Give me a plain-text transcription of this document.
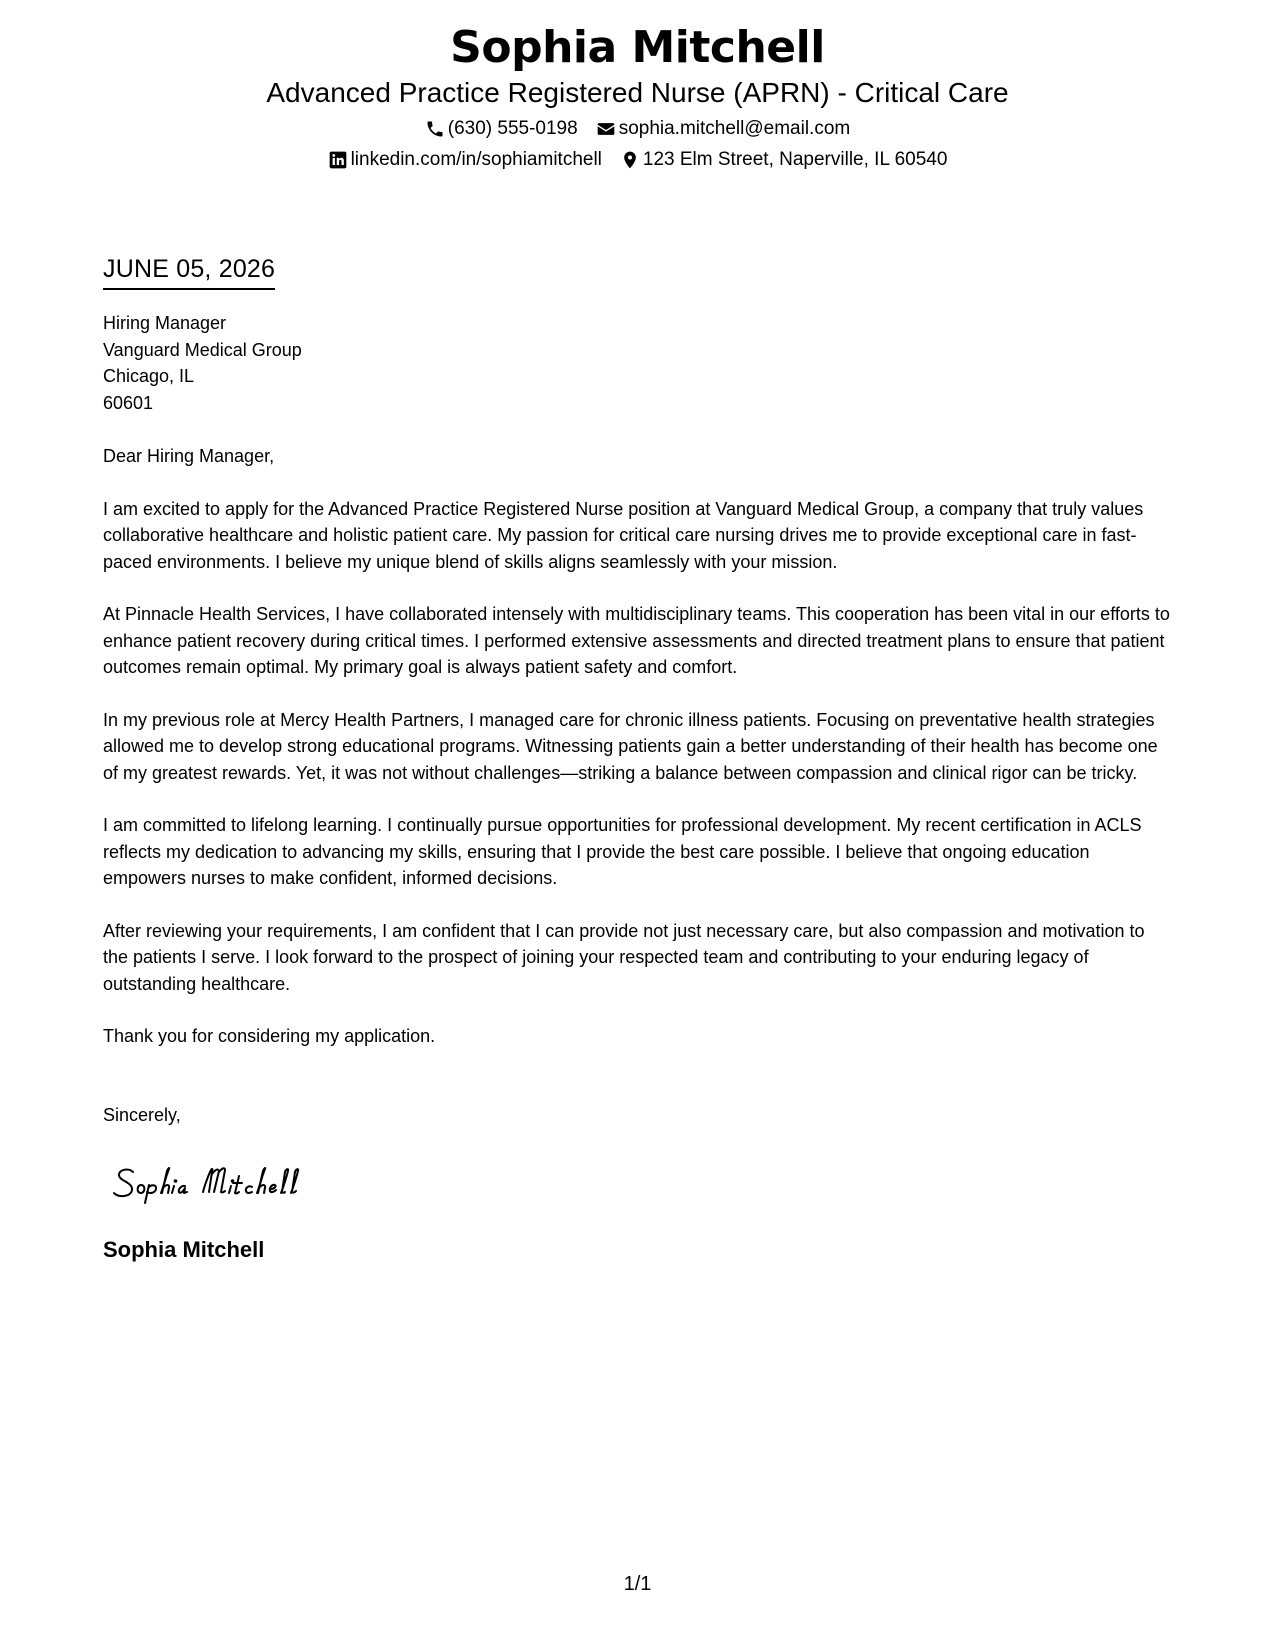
Sophia Mitchell
Advanced Practice Registered Nurse (APRN) - Critical Care
(630) 555-0198 sophia.mitchell@email.com
linkedin.com/in/sophiamitchell 123 Elm Street, Naperville, IL 60540
JUNE 05, 2026
Hiring Manager
Vanguard Medical Group
Chicago, IL
60601
Dear Hiring Manager,

I am excited to apply for the Advanced Practice Registered Nurse position at Vanguard Medical Group, a company that truly values collaborative healthcare and holistic patient care. My passion for critical care nursing drives me to provide exceptional care in fast-paced environments. I believe my unique blend of skills aligns seamlessly with your mission.

At Pinnacle Health Services, I have collaborated intensely with multidisciplinary teams. This cooperation has been vital in our efforts to enhance patient recovery during critical times. I performed extensive assessments and directed treatment plans to ensure that patient outcomes remain optimal. My primary goal is always patient safety and comfort.

In my previous role at Mercy Health Partners, I managed care for chronic illness patients. Focusing on preventative health strategies allowed me to develop strong educational programs. Witnessing patients gain a better understanding of their health has become one of my greatest rewards. Yet, it was not without challenges—striking a balance between compassion and clinical rigor can be tricky.

I am committed to lifelong learning. I continually pursue opportunities for professional development. My recent certification in ACLS reflects my dedication to advancing my skills, ensuring that I provide the best care possible. I believe that ongoing education empowers nurses to make confident, informed decisions.

After reviewing your requirements, I am confident that I can provide not just necessary care, but also compassion and motivation to the patients I serve. I look forward to the prospect of joining your respected team and contributing to your enduring legacy of outstanding healthcare.

Thank you for considering my application.
Sincerely,
Sophia Mitchell
1/1
